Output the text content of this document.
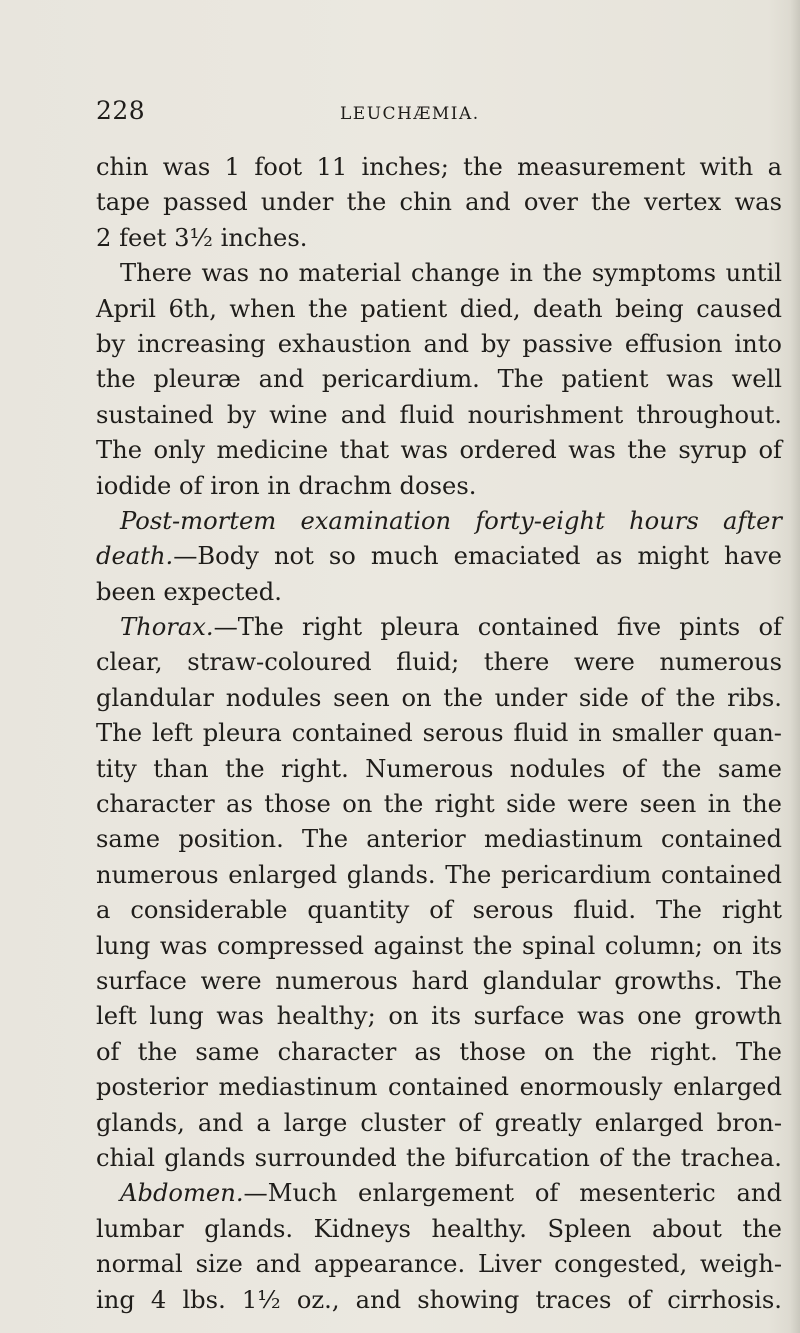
228	LEUCHÆMIA.
chin was 1 foot 11 inches; the measurement with a
tape passed under the chin and over the vertex was
2 feet 3½ inches.
There was no material change in the symptoms until
April 6th, when the patient died, death being caused
by increasing exhaustion and by passive effusion into
the pleuræ and pericardium. The patient was well
sustained by wine and fluid nourishment throughout.
The only medicine that was ordered was the syrup of
iodide of iron in drachm doses.
Post-mortem examination forty-eight hours after
death.—Body not so much emaciated as might have
been expected.
Thorax.—The right pleura contained five pints of
clear, straw-coloured fluid; there were numerous
glandular nodules seen on the under side of the ribs.
The left pleura contained serous fluid in smaller quan-
tity than the right. Numerous nodules of the same
character as those on the right side were seen in the
same position. The anterior mediastinum contained
numerous enlarged glands. The pericardium contained
a considerable quantity of serous fluid. The right
lung was compressed against the spinal column; on its
surface were numerous hard glandular growths. The
left lung was healthy; on its surface was one growth
of the same character as those on the right. The
posterior mediastinum contained enormously enlarged
glands, and a large cluster of greatly enlarged bron-
chial glands surrounded the bifurcation of the trachea.
Abdomen.—Much enlargement of mesenteric and
lumbar glands. Kidneys healthy. Spleen about the
normal size and appearance. Liver congested, weigh-
ing 4 lbs. 1½ oz., and showing traces of cirrhosis.
